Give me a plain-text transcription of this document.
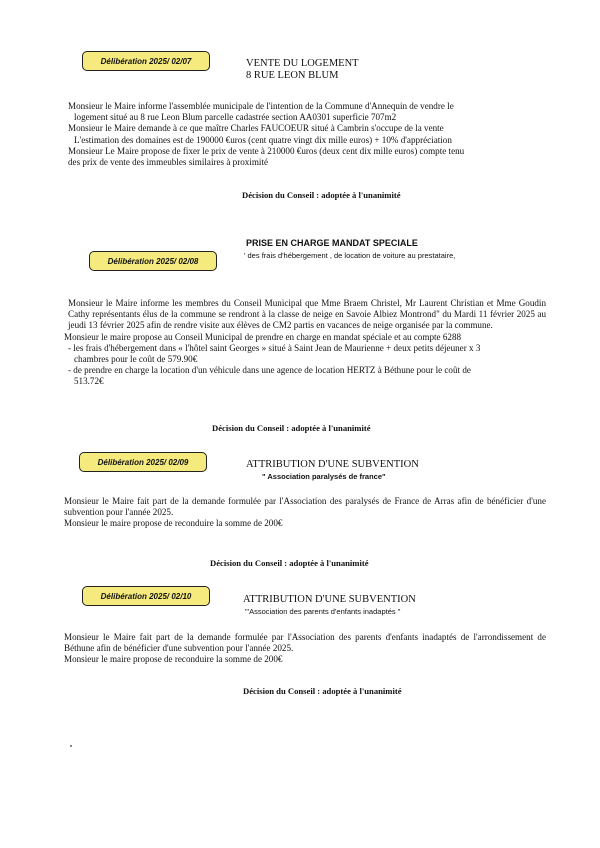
Délibération 2025/ 02/07	VENTE DU LOGEMENT
8 RUE LEON BLUM

Monsieur le Maire informe l'assemblée municipale de l'intention de la Commune d'Annequin de vendre le

logement situé au 8 rue Leon Blum parcelle cadastrée section AA0301 superficie 707m2

Monsieur le Maire demande à ce que maître Charles FAUCOEUR situé à Cambrin s'occupe de la vente

L'estimation des domaines est de 190000 €uros (cent quatre vingt dix mille euros) + 10% d'appréciation

Monsieur Le Maire propose de fixer le prix de vente à 210000 €uros (deux cent dix mille euros) compte tenu

des prix de vente des immeubles similaires à proximité

Décision du Conseil : adoptée à l'unanimité
PRISE EN CHARGE MANDAT SPECIALE
' des frais d'hébergement , de location de voiture au prestataire,
Délibération 2025/ 02/08

Monsieur le Maire informe les membres du Conseil Municipal que Mme Braem Christel, Mr Laurent Christian et Mme Goudin Cathy représentants élus de la commune se rendront à la classe de neige en Savoie Albiez Montrond" du Mardi 11 février 2025 au jeudi 13 février 2025 afin de rendre visite aux élèves de CM2 partis en vacances de neige organisée par la commune.

Monsieur le maire propose au Conseil Municipal de prendre en charge en mandat spéciale et au compte 6288

- les frais d'hébergement dans « l'hôtel saint Georges » situé à Saint Jean de Maurienne + deux petits déjeuner x 3

chambres pour le coût de 579.90€

- de prendre en charge la location d'un véhicule dans une agence de location HERTZ à Béthune pour le coût de

513.72€

Décision du Conseil : adoptée à l'unanimité
Délibération 2025/ 02/09	ATTRIBUTION D'UNE SUBVENTION
" Association paralysés de france"

Monsieur le Maire fait part de la demande formulée par l'Association des paralysés de France de Arras afin de bénéficier d'une subvention pour l'année 2025.

Monsieur le maire propose de reconduire la somme de 200€

Décision du Conseil : adoptée à l'unanimité
Délibération 2025/ 02/10	ATTRIBUTION D'UNE SUBVENTION
"'Association des parents d'enfants inadaptés "

Monsieur le Maire fait part de la demande formulée par l'Association des parents d'enfants inadaptés de l'arrondissement de Béthune afin de bénéficier d'une subvention pour l'année 2025.

Monsieur le maire propose de reconduire la somme de 200€

Décision du Conseil : adoptée à l'unanimité
